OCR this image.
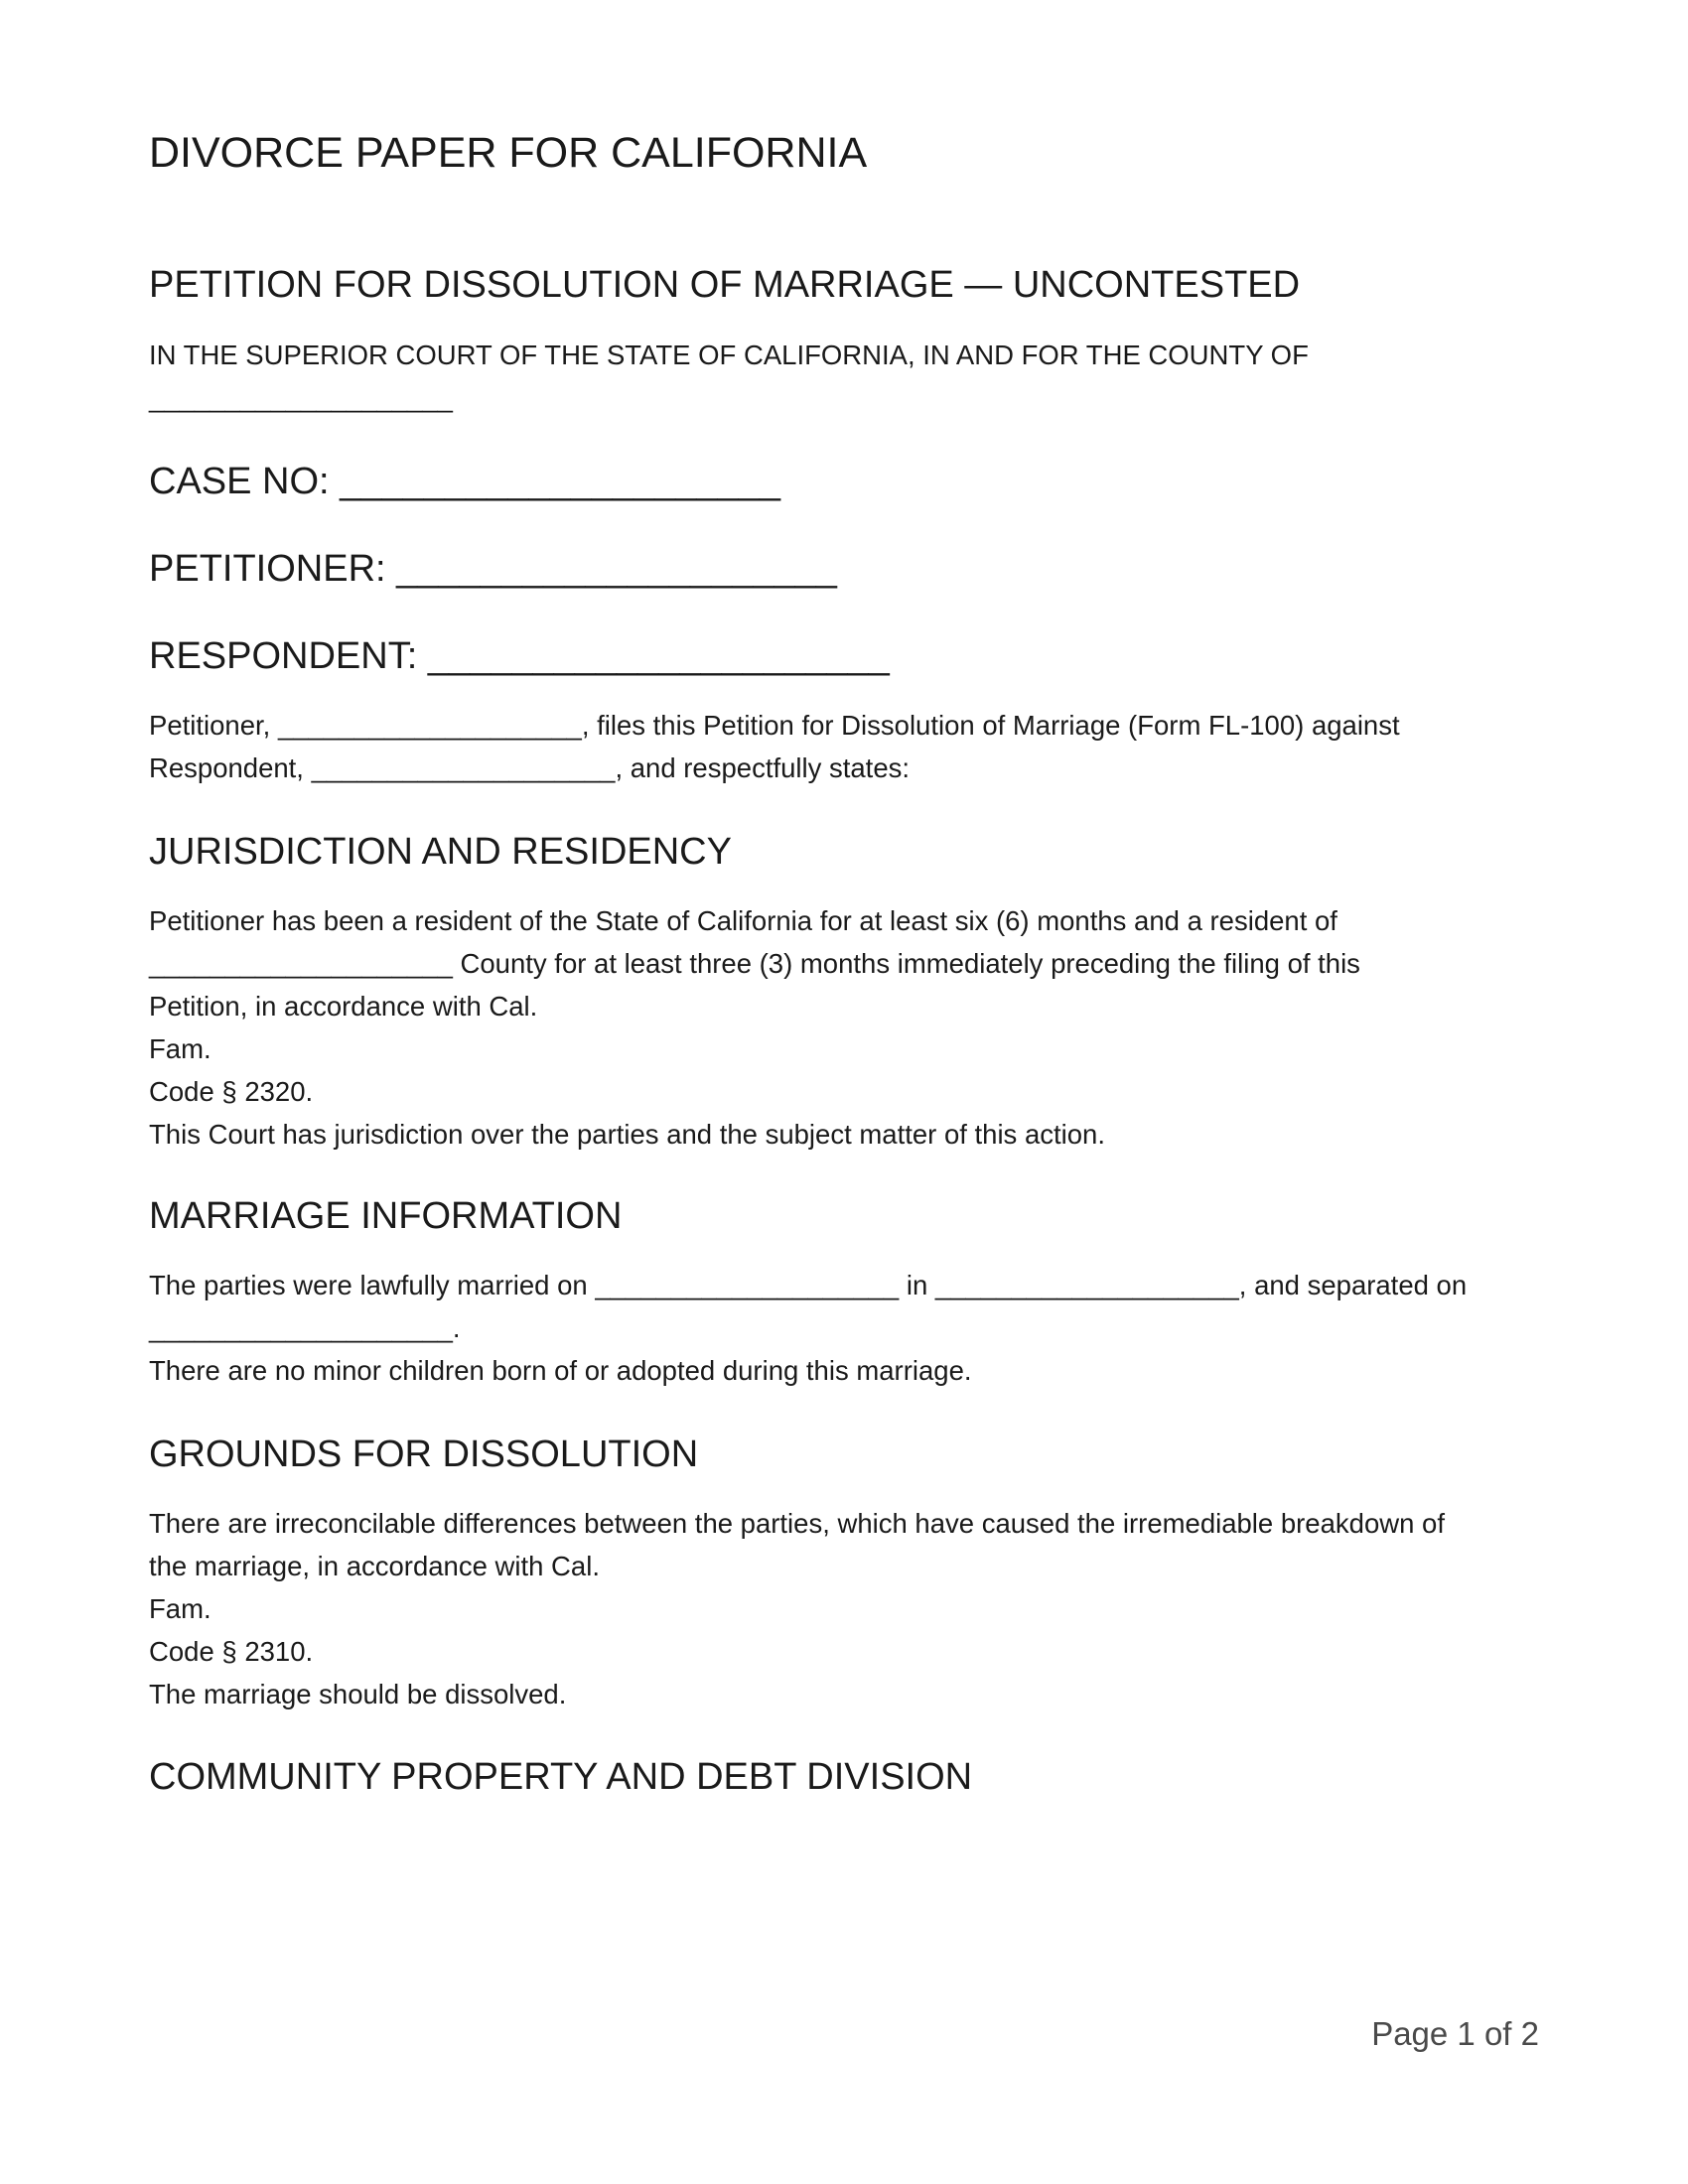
DIVORCE PAPER FOR CALIFORNIA
PETITION FOR DISSOLUTION OF MARRIAGE — UNCONTESTED
IN THE SUPERIOR COURT OF THE STATE OF CALIFORNIA, IN AND FOR THE COUNTY OF
____________________
CASE NO: _____________________
PETITIONER: _____________________
RESPONDENT: ______________________
Petitioner, ____________________, files this Petition for Dissolution of Marriage (Form FL-100) against
Respondent, ____________________, and respectfully states:
JURISDICTION AND RESIDENCY
Petitioner has been a resident of the State of California for at least six (6) months and a resident of
____________________ County for at least three (3) months immediately preceding the filing of this
Petition, in accordance with Cal.
Fam.
Code § 2320.
This Court has jurisdiction over the parties and the subject matter of this action.
MARRIAGE INFORMATION
The parties were lawfully married on ____________________ in ____________________, and separated on
____________________.
There are no minor children born of or adopted during this marriage.
GROUNDS FOR DISSOLUTION
There are irreconcilable differences between the parties, which have caused the irremediable breakdown of
the marriage, in accordance with Cal.
Fam.
Code § 2310.
The marriage should be dissolved.
COMMUNITY PROPERTY AND DEBT DIVISION
Page 1 of 2
